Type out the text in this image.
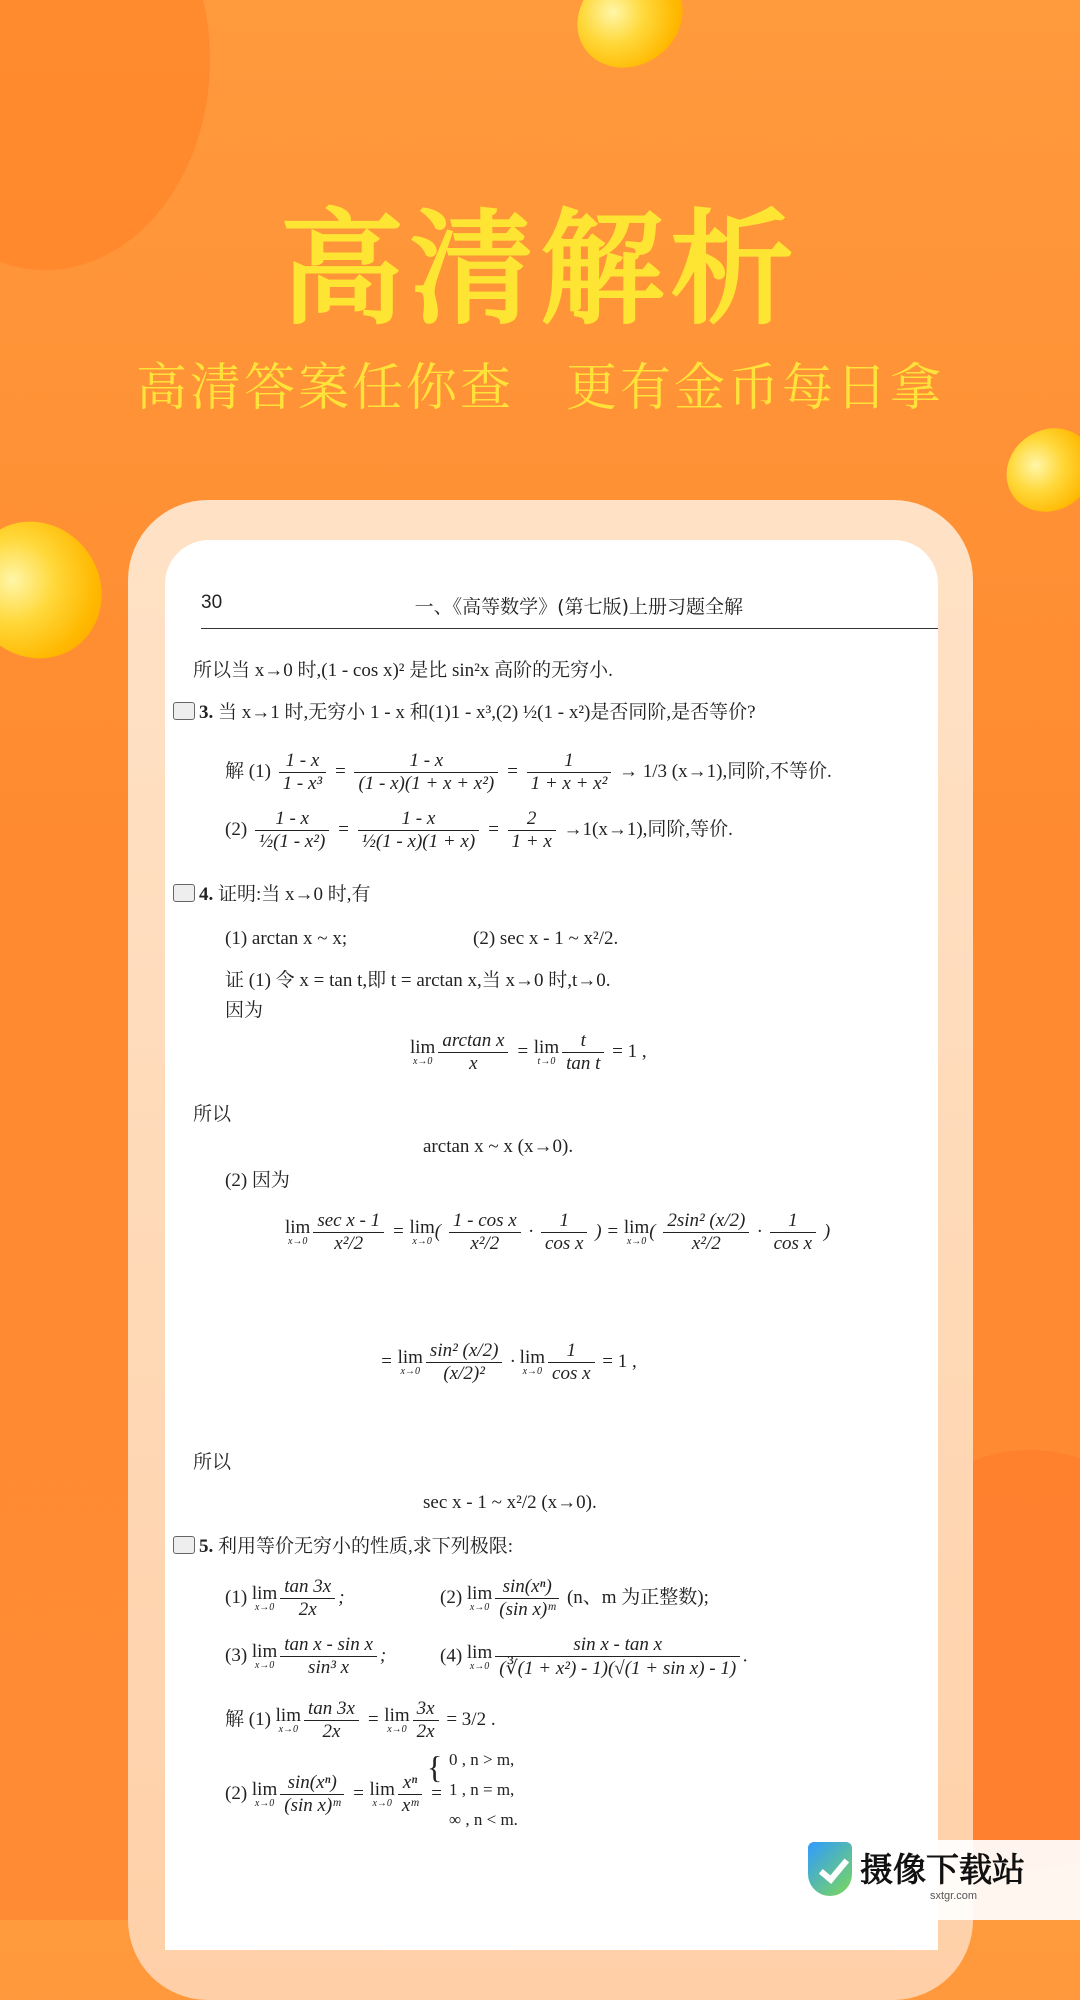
高清解析
高清答案任你查 更有金币每日拿
30	一、《高等数学》(第七版)上册习题全解
所以当 x→0 时,(1 - cos x)² 是比 sin²x 高阶的无穷小.
3. 当 x→1 时,无穷小 1 - x 和(1)1 - x³,(2) ½(1 - x²)是否同阶,是否等价?
解 $(1) \frac{1 - x}{\text{1 - x³}} = \frac{1 - x}{\text{(1 - x)(1 + x + x²)}} = \frac{1}{\text{1 + x + x²}} \to 1/3$ (x→1),同阶,不等价.
$(2) \frac{1 - x}{\text{½(1 - x²)}} = \frac{1 - x}{\text{½(1 - x)(1 + x)}} = \frac{2}{1 + x} \to 1(x\to 1)$,同阶,等价.
4. 证明:当 x→0 时,有
(1) arctan x ~ x;	(2) sec x - 1 ~ x²/2.
证 (1) 令 x = tan t,即 t = arctan x,当 x→0 时,t→0.
因为
lim
$x\to 0 \frac{\text{arctan x}}{x} = \lim$
$t\to 0 \frac{t}{\text{tan t}} = 1$ ,
所以
arctan x ~ x (x→0).
(2) 因为
lim
$x\to 0 \frac{\text{sec x - 1}}{\text{x²/2}} = \lim$
x→0 ( $\frac{\text{1 - cos x}}{\text{x²/2}} \cdot \frac{1}{\text{cos x}}$ ) = lim
x→0 ( $\frac{\text{2sin² (x/2)}}{\text{x²/2}} \cdot \frac{1}{\text{cos x}}$ )
= lim
$x\to 0 \frac{\text{sin² (x/2)}}{\text{(x/2)²}} \cdot \lim$
$x\to 0 \frac{1}{\text{cos x}} = 1$ ,
所以
sec x - 1 ~ x²/2 (x→0).
5. 利用等价无穷小的性质,求下列极限:
(1) lim
$x\to 0 \frac{\tan 3x}{2x}$ ;	(2) lim
$x\to 0 \frac{\text{sin(xⁿ)}}{\text{(sin x)ᵐ}} (n$、m 为正整数);
(3) lim
$x\to 0 \frac{\text{tan x - sin x}}{\text{sin³ x}}$ ;	(4) lim
$x\to 0 \frac{\text{sin x - tan x}}{\text{(∛(1 + x²) - 1)(√(1 + sin x) - 1)}}$ .
解 (1) lim
$x\to 0 \frac{\tan 3x}{2x} = \lim$
$x\to 0 \frac{3x}{2x} = 3/2$ .
(2) lim
$x\to 0 \frac{\text{sin(xⁿ)}}{\text{(sin x)ᵐ}} = \lim$
$x\to 0 \frac{\text{xⁿ}}{\text{xᵐ}}$ =
{ 0 , n > m,
1 , n = m,
∞ , n < m.
摄像下载站
sxtgr.com
